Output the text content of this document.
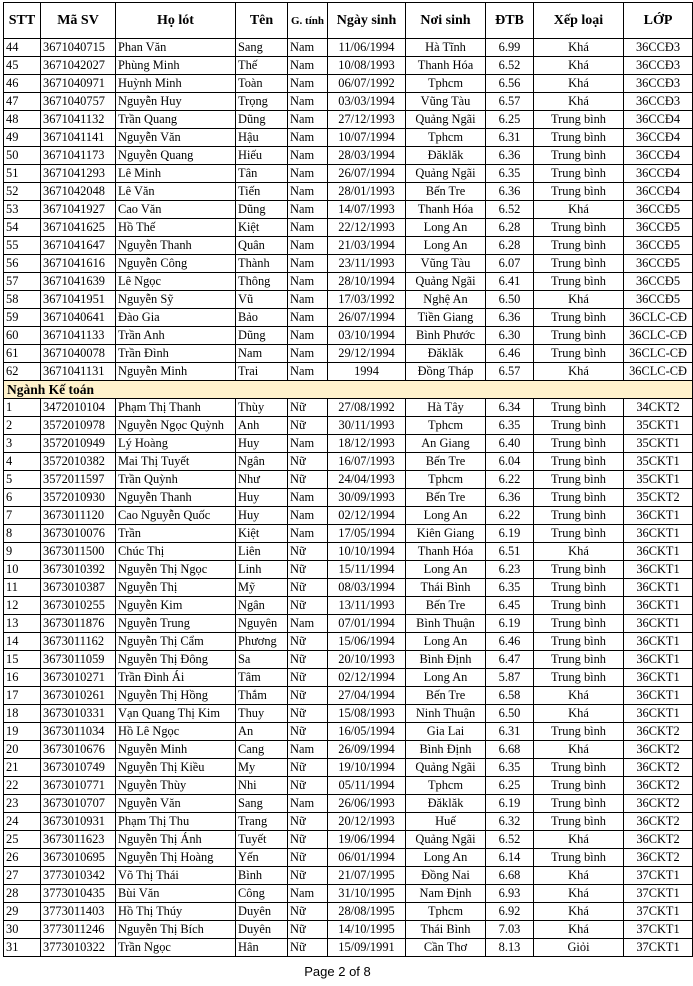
STT	Mã SV	Họ lót	Tên	G. tính	Ngày sinh	Nơi sinh	ĐTB	Xếp loại	LỚP
44	3671040715	Phan Văn	Sang	Nam	11/06/1994	Hà Tĩnh	6.99	Khá	36CCĐ3
45	3671042027	Phùng Minh	Thế	Nam	10/08/1993	Thanh Hóa	6.52	Khá	36CCĐ3
46	3671040971	Huỳnh Minh	Toàn	Nam	06/07/1992	Tphcm	6.56	Khá	36CCĐ3
47	3671040757	Nguyễn Huy	Trọng	Nam	03/03/1994	Vũng Tàu	6.57	Khá	36CCĐ3
48	3671041132	Trần Quang	Dũng	Nam	27/12/1993	Quảng Ngãi	6.25	Trung bình	36CCĐ4
49	3671041141	Nguyễn Văn	Hậu	Nam	10/07/1994	Tphcm	6.31	Trung bình	36CCĐ4
50	3671041173	Nguyễn Quang	Hiếu	Nam	28/03/1994	Đăklăk	6.36	Trung bình	36CCĐ4
51	3671041293	Lê Minh	Tân	Nam	26/07/1994	Quảng Ngãi	6.35	Trung bình	36CCĐ4
52	3671042048	Lê Văn	Tiến	Nam	28/01/1993	Bến Tre	6.36	Trung bình	36CCĐ4
53	3671041927	Cao Văn	Dũng	Nam	14/07/1993	Thanh Hóa	6.52	Khá	36CCĐ5
54	3671041625	Hồ Thế	Kiệt	Nam	22/12/1993	Long An	6.28	Trung bình	36CCĐ5
55	3671041647	Nguyễn Thanh	Quân	Nam	21/03/1994	Long An	6.28	Trung bình	36CCĐ5
56	3671041616	Nguyễn Công	Thành	Nam	23/11/1993	Vũng Tàu	6.07	Trung bình	36CCĐ5
57	3671041639	Lê Ngọc	Thông	Nam	28/10/1994	Quảng Ngãi	6.41	Trung bình	36CCĐ5
58	3671041951	Nguyễn Sỹ	Vũ	Nam	17/03/1992	Nghệ An	6.50	Khá	36CCĐ5
59	3671040641	Đào Gia	Bảo	Nam	26/07/1994	Tiền Giang	6.36	Trung bình	36CLC-CĐ
60	3671041133	Trần Anh	Dũng	Nam	03/10/1994	Bình Phước	6.30	Trung bình	36CLC-CĐ
61	3671040078	Trần Đình	Nam	Nam	29/12/1994	Đăklăk	6.46	Trung bình	36CLC-CĐ
62	3671041131	Nguyễn Minh	Trai	Nam	1994	Đồng Tháp	6.57	Khá	36CLC-CĐ
Ngành Kế toán									
1	3472010104	Phạm Thị Thanh	Thùy	Nữ	27/08/1992	Hà Tây	6.34	Trung bình	34CKT2
2	3572010978	Nguyễn Ngọc Quỳnh	Anh	Nữ	30/11/1993	Tphcm	6.35	Trung bình	35CKT1
3	3572010949	Lý Hoàng	Huy	Nam	18/12/1993	An Giang	6.40	Trung bình	35CKT1
4	3572010382	Mai Thị Tuyết	Ngân	Nữ	16/07/1993	Bến Tre	6.04	Trung bình	35CKT1
5	3572011597	Trần Quỳnh	Như	Nữ	24/04/1993	Tphcm	6.22	Trung bình	35CKT1
6	3572010930	Nguyễn Thanh	Huy	Nam	30/09/1993	Bến Tre	6.36	Trung bình	35CKT2
7	3673011120	Cao Nguyễn Quốc	Huy	Nam	02/12/1994	Long An	6.22	Trung bình	36CKT1
8	3673010076	Trần	Kiệt	Nam	17/05/1994	Kiên Giang	6.19	Trung bình	36CKT1
9	3673011500	Chúc Thị	Liên	Nữ	10/10/1994	Thanh Hóa	6.51	Khá	36CKT1
10	3673010392	Nguyễn Thị Ngọc	Linh	Nữ	15/11/1994	Long An	6.23	Trung bình	36CKT1
11	3673010387	Nguyễn Thị	Mỹ	Nữ	08/03/1994	Thái Bình	6.35	Trung bình	36CKT1
12	3673010255	Nguyễn Kim	Ngân	Nữ	13/11/1993	Bến Tre	6.45	Trung bình	36CKT1
13	3673011876	Nguyễn Trung	Nguyên	Nam	07/01/1994	Bình Thuận	6.19	Trung bình	36CKT1
14	3673011162	Nguyễn Thị Cẩm	Phương	Nữ	15/06/1994	Long An	6.46	Trung bình	36CKT1
15	3673011059	Nguyễn Thị Đông	Sa	Nữ	20/10/1993	Bình Định	6.47	Trung bình	36CKT1
16	3673010271	Trần Đình Ái	Tâm	Nữ	02/12/1994	Long An	5.87	Trung bình	36CKT1
17	3673010261	Nguyễn Thị Hồng	Thắm	Nữ	27/04/1994	Bến Tre	6.58	Khá	36CKT1
18	3673010331	Vạn Quang Thị Kim	Thuy	Nữ	15/08/1993	Ninh Thuận	6.50	Khá	36CKT1
19	3673011034	Hồ Lê Ngọc	An	Nữ	16/05/1994	Gia Lai	6.31	Trung bình	36CKT2
20	3673010676	Nguyễn Minh	Cang	Nam	26/09/1994	Bình Định	6.68	Khá	36CKT2
21	3673010749	Nguyễn Thị Kiều	My	Nữ	19/10/1994	Quảng Ngãi	6.35	Trung bình	36CKT2
22	3673010771	Nguyễn Thùy	Nhi	Nữ	05/11/1994	Tphcm	6.25	Trung bình	36CKT2
23	3673010707	Nguyễn Văn	Sang	Nam	26/06/1993	Đăklăk	6.19	Trung bình	36CKT2
24	3673010931	Phạm Thị Thu	Trang	Nữ	20/12/1993	Huế	6.32	Trung bình	36CKT2
25	3673011623	Nguyễn Thị Ánh	Tuyết	Nữ	19/06/1994	Quảng Ngãi	6.52	Khá	36CKT2
26	3673010695	Nguyễn Thị Hoàng	Yến	Nữ	06/01/1994	Long An	6.14	Trung bình	36CKT2
27	3773010342	Võ Thị Thái	Bình	Nữ	21/07/1995	Đồng Nai	6.68	Khá	37CKT1
28	3773010435	Bùi Văn	Công	Nam	31/10/1995	Nam Định	6.93	Khá	37CKT1
29	3773011403	Hồ Thị Thúy	Duyên	Nữ	28/08/1995	Tphcm	6.92	Khá	37CKT1
30	3773011246	Nguyễn Thị Bích	Duyên	Nữ	14/10/1995	Thái Bình	7.03	Khá	37CKT1
31	3773010322	Trần Ngọc	Hân	Nữ	15/09/1991	Cần Thơ	8.13	Giỏi	37CKT1
Page 2 of 8
